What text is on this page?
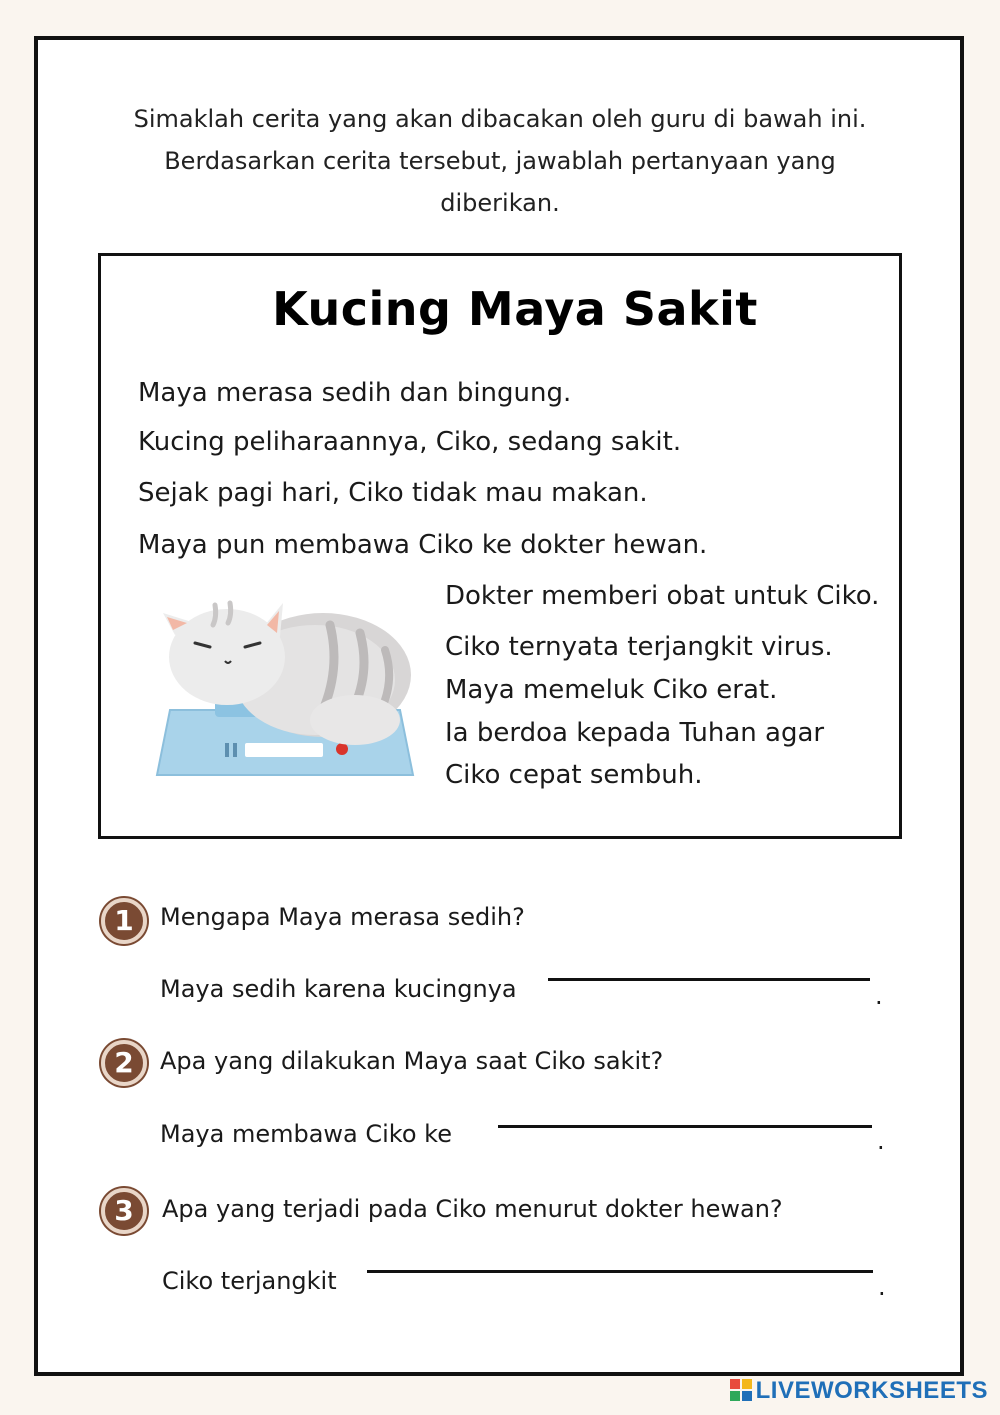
Simaklah cerita yang akan dibacakan oleh guru di bawah ini.
Berdasarkan cerita tersebut, jawablah pertanyaan yang
diberikan.
Kucing Maya Sakit
Maya merasa sedih dan bingung.
Kucing peliharaannya, Ciko, sedang sakit.
Sejak pagi hari, Ciko tidak mau makan.
Maya pun membawa Ciko ke dokter hewan.
Dokter memberi obat untuk Ciko.
Ciko ternyata terjangkit virus.
Maya memeluk Ciko erat.
Ia berdoa kepada Tuhan agar
Ciko cepat sembuh.
1	Mengapa Maya merasa sedih?
Maya sedih karena kucingnya	.
2	Apa yang dilakukan Maya saat Ciko sakit?
Maya membawa Ciko ke	.
3	Apa yang terjadi pada Ciko menurut dokter hewan?
Ciko terjangkit	.
LIVEWORKSHEETS
